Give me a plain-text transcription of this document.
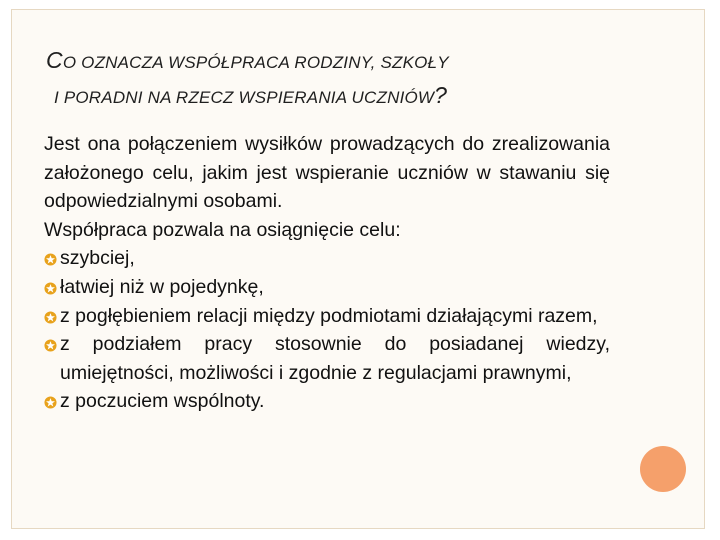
CO OZNACZA WSPÓŁPRACA RODZINY, SZKOŁY
I PORADNI NA RZECZ WSPIERANIA UCZNIÓW?

Jest ona połączeniem wysiłków prowadzących do zrealizowania założonego celu, jakim jest wspieranie uczniów w stawaniu się odpowiedzialnymi osobami.

Współpraca pozwala na osiągnięcie celu:

szybciej,
łatwiej niż w pojedynkę,
z pogłębieniem relacji między podmiotami działającymi razem,
z podziałem pracy stosownie do posiadanej wiedzy, umiejętności, możliwości i zgodnie z regulacjami prawnymi,
z poczuciem wspólnoty.
